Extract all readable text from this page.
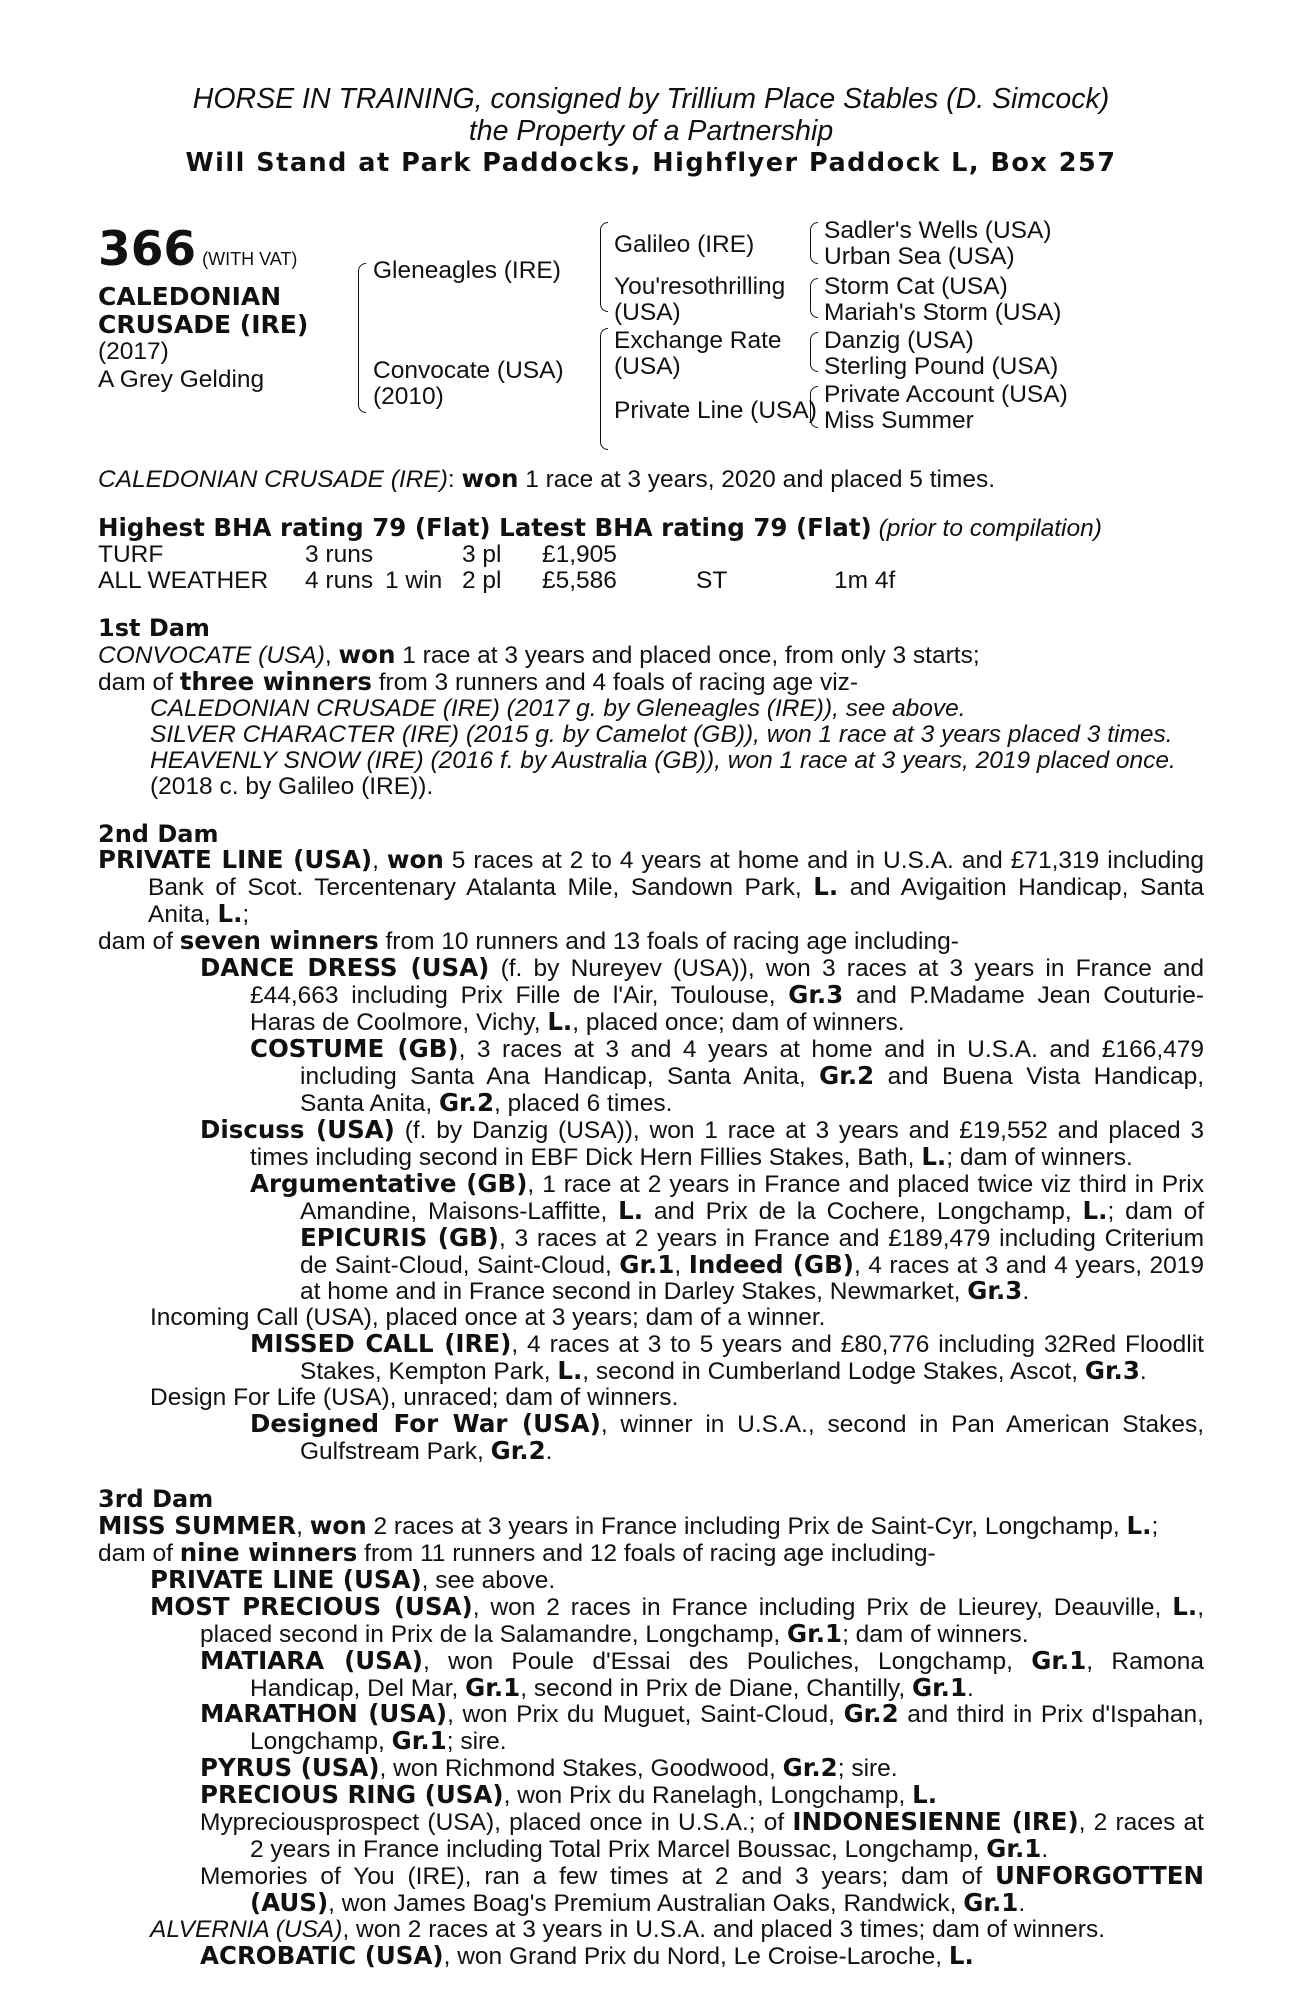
HORSE IN TRAINING, consigned by Trillium Place Stables (D. Simcock)
the Property of a Partnership
Will Stand at Park Paddocks, Highflyer Paddock L, Box 257
366 (WITH VAT)
CALEDONIAN
CRUSADE (IRE)
(2017)
A Grey Gelding
Gleneagles (IRE)
Convocate (USA)
(2010)
Galileo (IRE)
You'resothrilling
(USA)
Exchange Rate
(USA)
Private Line (USA)
Sadler's Wells (USA)
Urban Sea (USA)
Storm Cat (USA)
Mariah's Storm (USA)
Danzig (USA)
Sterling Pound (USA)
Private Account (USA)
Miss Summer

CALEDONIAN CRUSADE (IRE): won 1 race at 3 years, 2020 and placed 5 times.

Highest BHA rating 79 (Flat) Latest BHA rating 79 (Flat) (prior to compilation)

TURF	3 runs		3 pl	£1,905		
ALL WEATHER	4 runs	1 win	2 pl	£5,586	ST	1m 4f
1st Dam

CONVOCATE (USA), won 1 race at 3 years and placed once, from only 3 starts;

dam of three winners from 3 runners and 4 foals of racing age viz-

CALEDONIAN CRUSADE (IRE) (2017 g. by Gleneagles (IRE)), see above.

SILVER CHARACTER (IRE) (2015 g. by Camelot (GB)), won 1 race at 3 years placed 3 times.

HEAVENLY SNOW (IRE) (2016 f. by Australia (GB)), won 1 race at 3 years, 2019 placed once.

(2018 c. by Galileo (IRE)).

2nd Dam

PRIVATE LINE (USA), won 5 races at 2 to 4 years at home and in U.S.A. and £71,319 including Bank of Scot. Tercentenary Atalanta Mile, Sandown Park, L. and Avigaition Handicap, Santa Anita, L.;

dam of seven winners from 10 runners and 13 foals of racing age including-

DANCE DRESS (USA) (f. by Nureyev (USA)), won 3 races at 3 years in France and £44,663 including Prix Fille de l'Air, Toulouse, Gr.3 and P.Madame Jean Couturie-Haras de Coolmore, Vichy, L., placed once; dam of winners.

COSTUME (GB), 3 races at 3 and 4 years at home and in U.S.A. and £166,479 including Santa Ana Handicap, Santa Anita, Gr.2 and Buena Vista Handicap, Santa Anita, Gr.2, placed 6 times.

Discuss (USA) (f. by Danzig (USA)), won 1 race at 3 years and £19,552 and placed 3 times including second in EBF Dick Hern Fillies Stakes, Bath, L.; dam of winners.

Argumentative (GB), 1 race at 2 years in France and placed twice viz third in Prix Amandine, Maisons-Laffitte, L. and Prix de la Cochere, Longchamp, L.; dam of EPICURIS (GB), 3 races at 2 years in France and £189,479 including Criterium de Saint-Cloud, Saint-Cloud, Gr.1, Indeed (GB), 4 races at 3 and 4 years, 2019 at home and in France second in Darley Stakes, Newmarket, Gr.3.

Incoming Call (USA), placed once at 3 years; dam of a winner.

MISSED CALL (IRE), 4 races at 3 to 5 years and £80,776 including 32Red Floodlit Stakes, Kempton Park, L., second in Cumberland Lodge Stakes, Ascot, Gr.3.

Design For Life (USA), unraced; dam of winners.

Designed For War (USA), winner in U.S.A., second in Pan American Stakes, Gulfstream Park, Gr.2.

3rd Dam

MISS SUMMER, won 2 races at 3 years in France including Prix de Saint-Cyr, Longchamp, L.;

dam of nine winners from 11 runners and 12 foals of racing age including-

PRIVATE LINE (USA), see above.

MOST PRECIOUS (USA), won 2 races in France including Prix de Lieurey, Deauville, L., placed second in Prix de la Salamandre, Longchamp, Gr.1; dam of winners.

MATIARA (USA), won Poule d'Essai des Pouliches, Longchamp, Gr.1, Ramona Handicap, Del Mar, Gr.1, second in Prix de Diane, Chantilly, Gr.1.

MARATHON (USA), won Prix du Muguet, Saint-Cloud, Gr.2 and third in Prix d'Ispahan, Longchamp, Gr.1; sire.

PYRUS (USA), won Richmond Stakes, Goodwood, Gr.2; sire.

PRECIOUS RING (USA), won Prix du Ranelagh, Longchamp, L.

Mypreciousprospect (USA), placed once in U.S.A.; of INDONESIENNE (IRE), 2 races at 2 years in France including Total Prix Marcel Boussac, Longchamp, Gr.1.

Memories of You (IRE), ran a few times at 2 and 3 years; dam of UNFORGOTTEN (AUS), won James Boag's Premium Australian Oaks, Randwick, Gr.1.

ALVERNIA (USA), won 2 races at 3 years in U.S.A. and placed 3 times; dam of winners.

ACROBATIC (USA), won Grand Prix du Nord, Le Croise-Laroche, L.
